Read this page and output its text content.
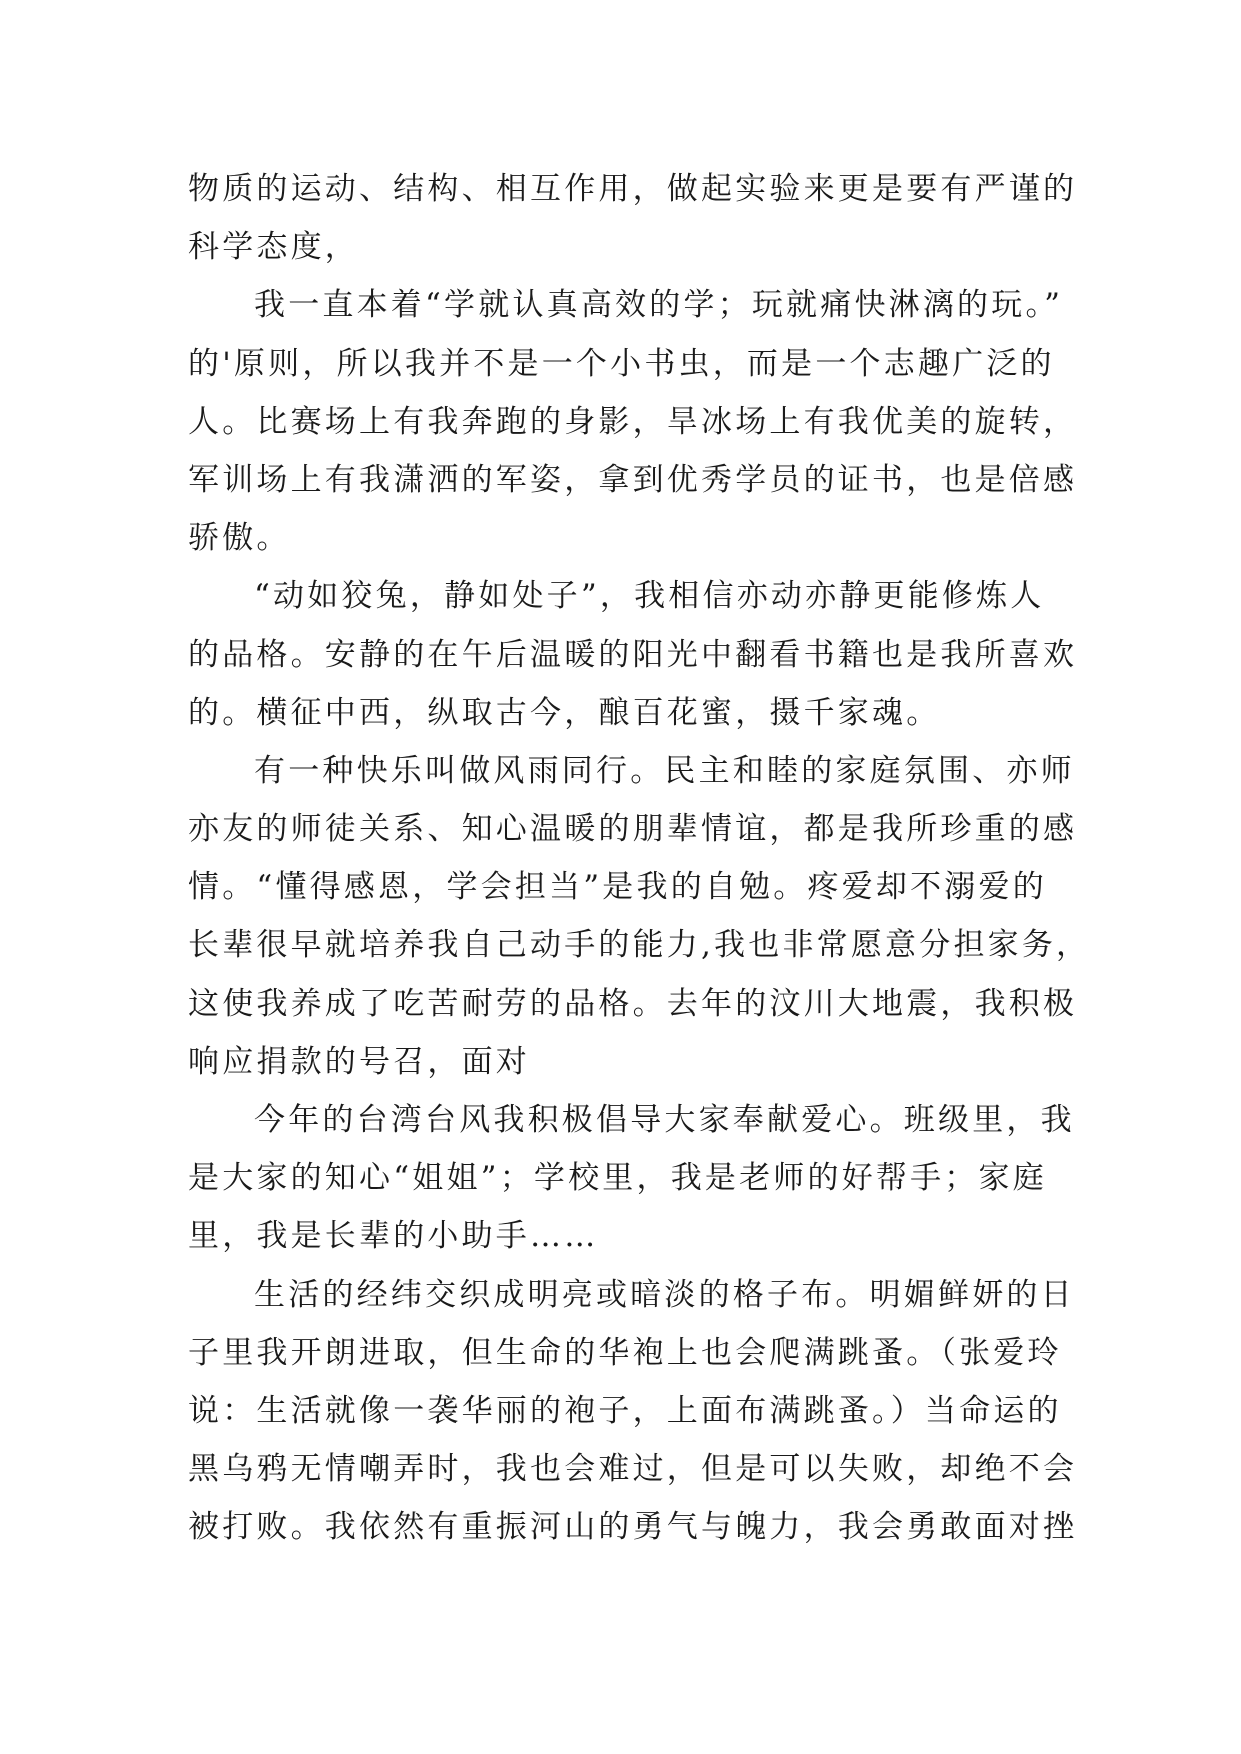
物质的运动、结构、相互作用，做起实验来更是要有严谨的
科学态度，
我一直本着“学就认真高效的学；玩就痛快淋漓的玩。”
的'原则，所以我并不是一个小书虫，而是一个志趣广泛的
人。比赛场上有我奔跑的身影，旱冰场上有我优美的旋转，
军训场上有我潇洒的军姿，拿到优秀学员的证书，也是倍感
骄傲。
“动如狡兔，静如处子”，我相信亦动亦静更能修炼人
的品格。安静的在午后温暖的阳光中翻看书籍也是我所喜欢
的。横征中西，纵取古今，酿百花蜜，摄千家魂。
有一种快乐叫做风雨同行。民主和睦的家庭氛围、亦师
亦友的师徒关系、知心温暖的朋辈情谊，都是我所珍重的感
情。“懂得感恩，学会担当”是我的自勉。疼爱却不溺爱的
长辈很早就培养我自己动手的能力,我也非常愿意分担家务，
这使我养成了吃苦耐劳的品格。去年的汶川大地震，我积极
响应捐款的号召，面对
今年的台湾台风我积极倡导大家奉献爱心。班级里，我
是大家的知心“姐姐”；学校里，我是老师的好帮手；家庭
里，我是长辈的小助手……
生活的经纬交织成明亮或暗淡的格子布。明媚鲜妍的日
子里我开朗进取，但生命的华袍上也会爬满跳蚤。（张爱玲
说：生活就像一袭华丽的袍子，上面布满跳蚤。）当命运的
黑乌鸦无情嘲弄时，我也会难过，但是可以失败，却绝不会
被打败。我依然有重振河山的勇气与魄力，我会勇敢面对挫
